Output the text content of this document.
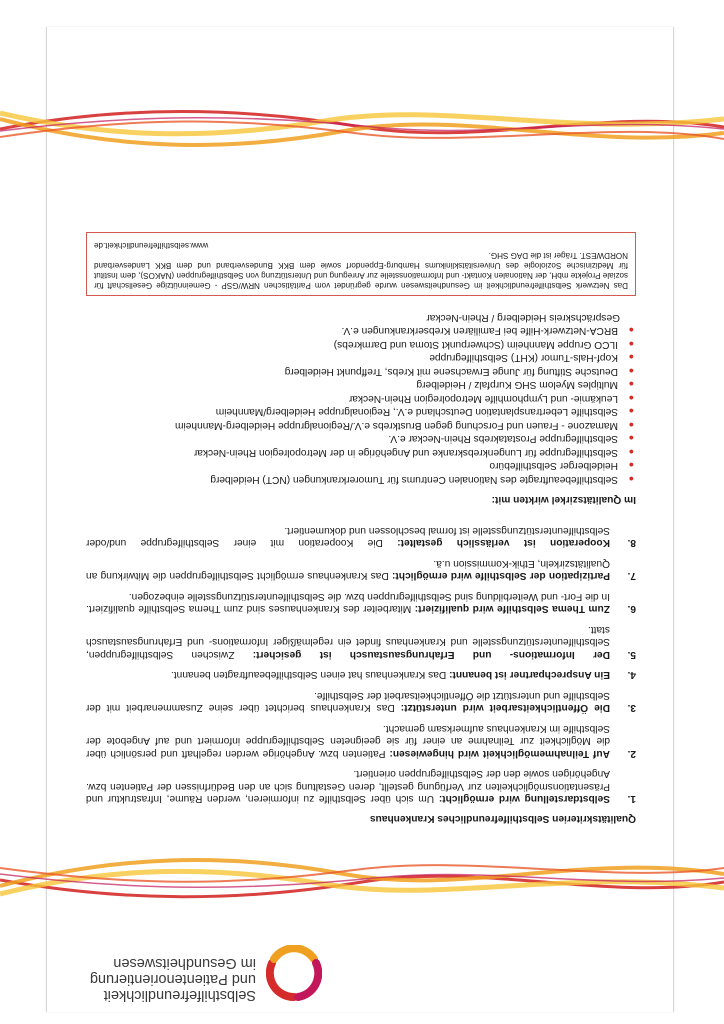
Selbsthilfefreundlichkeit
und Patientenorientierung
im Gesundheitswesen
Qualitätskriterien Selbsthilfefreundliches Krankenhaus
1.
Selbstdarstellung wird ermöglicht: Um sich über Selbsthilfe zu informieren, werden Räume, Infrastruktur und Präsentationsmöglichkeiten zur Verfügung gestellt, deren Gestaltung sich an den Bedürfnissen der Patienten bzw. Angehörigen sowie den der Selbsthilfegruppen orientiert.
2.
Auf Teilnahmemöglichkeit wird hingewiesen: Patienten bzw. Angehörige werden regelhaft und persönlich über die Möglichkeit zur Teilnahme an einer für sie geeigneten Selbsthilfegruppe informiert und auf Angebote der Selbsthilfe im Krankenhaus aufmerksam gemacht.
3.
Die Öffentlichkeitsarbeit wird unterstützt: Das Krankenhaus berichtet über seine Zusammenarbeit mit der Selbsthilfe und unterstützt die Öffentlichkeitsarbeit der Selbsthilfe.
4.
Ein Ansprechpartner ist benannt: Das Krankenhaus hat einen Selbsthilfebeauftragten benannt.
5.
Der Informations- und Erfahrungsaustausch ist gesichert: Zwischen Selbsthilfegruppen, Selbsthilfeunterstützungsstelle und Krankenhaus findet ein regelmäßiger Informations- und Erfahrungsaustausch statt.
6.
Zum Thema Selbsthilfe wird qualifiziert: Mitarbeiter des Krankenhauses sind zum Thema Selbsthilfe qualifiziert. In die Fort- und Weiterbildung sind Selbsthilfegruppen bzw. die Selbsthilfeunterstützungsstelle einbezogen.
7.
Partizipation der Selbsthilfe wird ermöglicht: Das Krankenhaus ermöglicht Selbsthilfegruppen die Mitwirkung an Qualitätszirkeln, Ethik-Kommission u.ä.
8.
Kooperation ist verlässlich gestaltet: Die Kooperation mit einer Selbsthilfegruppe und/oder Selbsthilfeunterstützungsstelle ist formal beschlossen und dokumentiert.
Im Qualitätszirkel wirkten mit:
●
Selbsthilfebeauftragte des Nationalen Centrums für Tumorerkrankungen (NCT) Heidelberg
●
Heidelberger Selbsthilfebüro
●
Selbsthilfegruppe für Lungenkrebskranke und Angehörige in der Metropolregion Rhein-Neckar
●
Selbsthilfegruppe Prostatakrebs Rhein-Neckar e.V.
●
Mamazone - Frauen und Forschung gegen Brustkrebs e.V./Regionalgruppe Heidelberg-Mannheim
●
Selbsthilfe Lebertransplantation Deutschland e.V., Regionalgruppe Heidelberg/Mannheim
●
Leukämie- und Lymphomhilfe Metropolregion Rhein-Neckar
●
Multiples Myelom SHG Kurpfalz / Heidelberg
●
Deutsche Stiftung für Junge Erwachsene mit Krebs, Treffpunkt Heidelberg
●
Kopf-Hals-Tumor (KHT) Selbsthilfegruppe
●
ILCO Gruppe Mannheim (Schwerpunkt Stoma und Darmkrebs)
●
BRCA-Netzwerk-Hilfe bei Familiären Krebserkrankungen e.V.
Gesprächskreis Heidelberg / Rhein-Neckar
Das Netzwerk Selbsthilfefreundlichkeit im Gesundheitswesen wurde gegründet vom Paritätischen NRW/GSP - Gemeinnützige Gesellschaft für soziale Projekte mbH, der Nationalen Kontakt- und Informationsstelle zur Anregung und Unterstützung von Selbsthilfegruppen (NAKOS), dem Institut für Medizinische Soziologie des Universitätsklinikums Hamburg-Eppendorf sowie dem BKK Bundesverband und dem BKK Landesverband NORDWEST. Träger ist die DAG SHG.
www.selbsthilfefreundlichkeit.de
